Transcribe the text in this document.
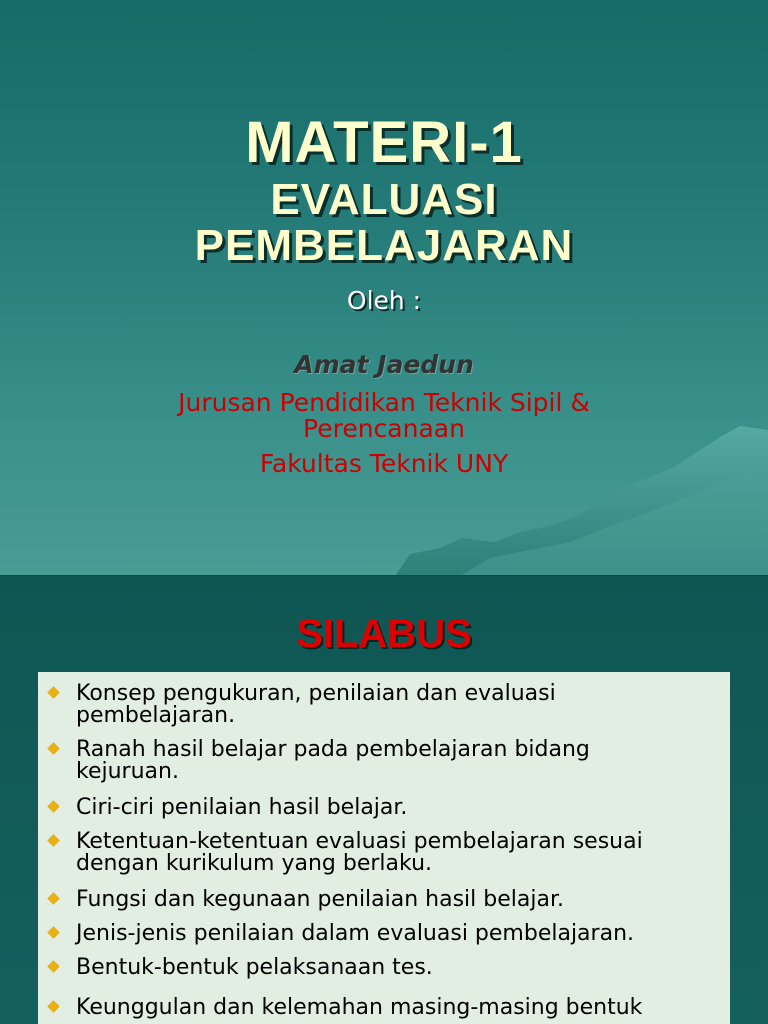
MATERI-1
EVALUASI
PEMBELAJARAN
Oleh :
Amat Jaedun
Jurusan Pendidikan Teknik Sipil &
Perencanaan
Fakultas Teknik UNY
SILABUS
Konsep pengukuran, penilaian dan evaluasi
pembelajaran.
Ranah hasil belajar pada pembelajaran bidang
kejuruan.
Ciri-ciri penilaian hasil belajar.
Ketentuan-ketentuan evaluasi pembelajaran sesuai
dengan kurikulum yang berlaku.
Fungsi dan kegunaan penilaian hasil belajar.
Jenis-jenis penilaian dalam evaluasi pembelajaran.
Bentuk-bentuk pelaksanaan tes.
Keunggulan dan kelemahan masing-masing bentuk
